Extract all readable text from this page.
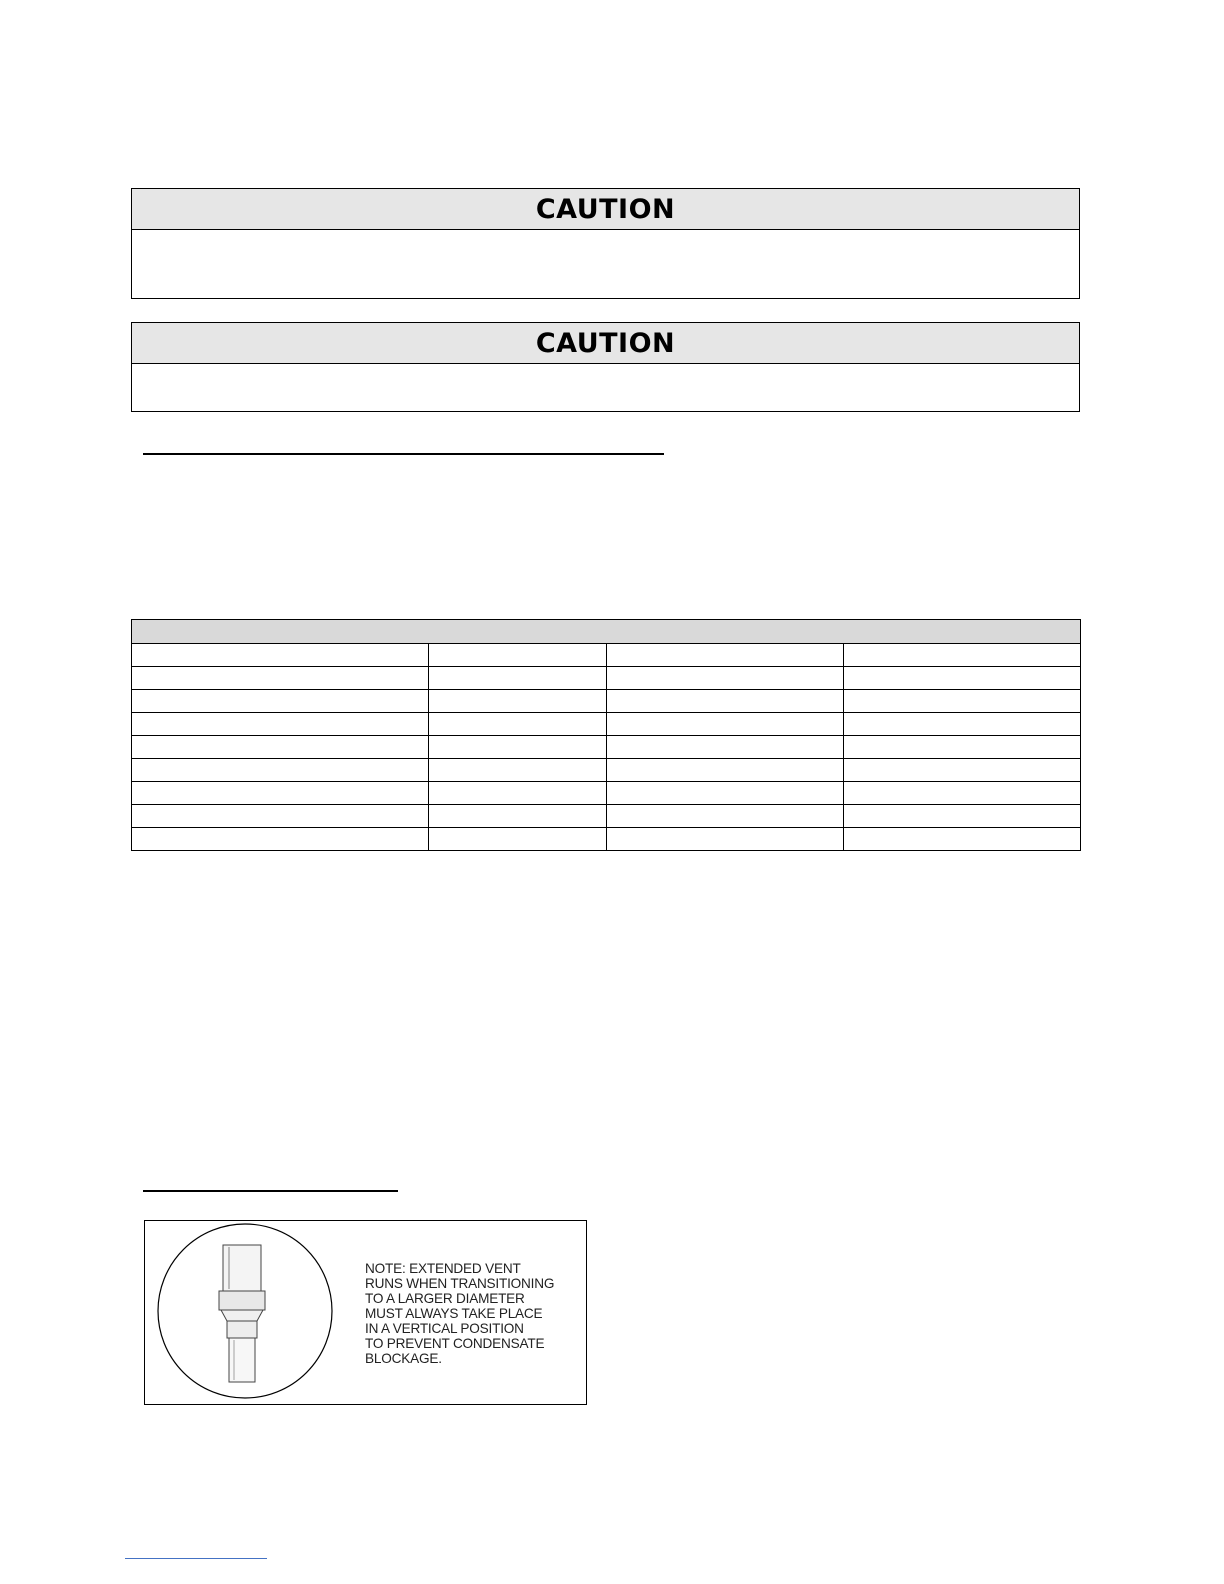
CAUTION
CAUTION

NOTE: EXTENDED VENT
RUNS WHEN TRANSITIONING
TO A LARGER DIAMETER
MUST ALWAYS TAKE PLACE
IN A VERTICAL POSITION
TO PREVENT CONDENSATE
BLOCKAGE.
